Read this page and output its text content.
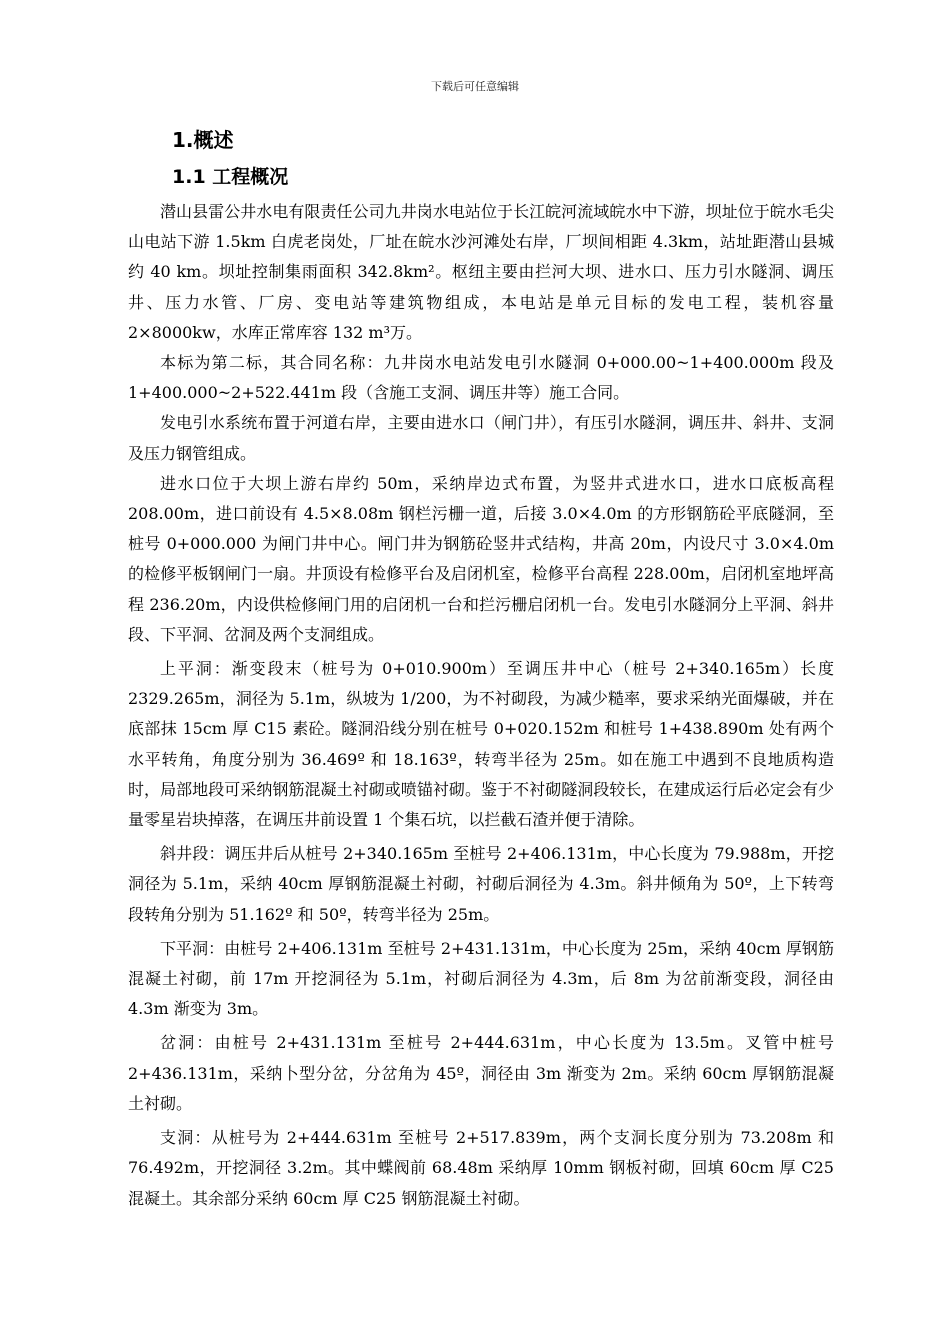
下载后可任意编辑
1.概述
1.1 工程概况

潜山县雷公井水电有限责任公司九井岗水电站位于长江皖河流域皖水中下游，坝址位于皖水毛尖山电站下游 1.5km 白虎老岗处，厂址在皖水沙河滩处右岸，厂坝间相距 4.3km，站址距潜山县城约 40 km。坝址控制集雨面积 342.8km²。枢纽主要由拦河大坝、进水口、压力引水隧洞、调压井、压力水管、厂房、变电站等建筑物组成，本电站是单元目标的发电工程，装机容量 2×8000kw，水库正常库容 132 m³万。

本标为第二标，其合同名称：九井岗水电站发电引水隧洞 0+000.00~1+400.000m 段及 1+400.000~2+522.441m 段（含施工支洞、调压井等）施工合同。

发电引水系统布置于河道右岸，主要由进水口（闸门井），有压引水隧洞，调压井、斜井、支洞及压力钢管组成。

进水口位于大坝上游右岸约 50m，采纳岸边式布置，为竖井式进水口，进水口底板高程 208.00m，进口前设有 4.5×8.08m 钢栏污栅一道，后接 3.0×4.0m 的方形钢筋砼平底隧洞，至桩号 0+000.000 为闸门井中心。闸门井为钢筋砼竖井式结构，井高 20m，内设尺寸 3.0×4.0m 的检修平板钢闸门一扇。井顶设有检修平台及启闭机室，检修平台高程 228.00m，启闭机室地坪高程 236.20m，内设供检修闸门用的启闭机一台和拦污栅启闭机一台。发电引水隧洞分上平洞、斜井段、下平洞、岔洞及两个支洞组成。

上平洞：渐变段末（桩号为 0+010.900m）至调压井中心（桩号 2+340.165m）长度 2329.265m，洞径为 5.1m，纵坡为 1/200，为不衬砌段，为减少糙率，要求采纳光面爆破，并在底部抹 15cm 厚 C15 素砼。隧洞沿线分别在桩号 0+020.152m 和桩号 1+438.890m 处有两个水平转角，角度分别为 36.469º 和 18.163º，转弯半径为 25m。如在施工中遇到不良地质构造时，局部地段可采纳钢筋混凝土衬砌或喷锚衬砌。鉴于不衬砌隧洞段较长，在建成运行后必定会有少量零星岩块掉落，在调压井前设置 1 个集石坑，以拦截石渣并便于清除。

斜井段：调压井后从桩号 2+340.165m 至桩号 2+406.131m，中心长度为 79.988m，开挖洞径为 5.1m，采纳 40cm 厚钢筋混凝土衬砌，衬砌后洞径为 4.3m。斜井倾角为 50º，上下转弯段转角分别为 51.162º 和 50º，转弯半径为 25m。

下平洞：由桩号 2+406.131m 至桩号 2+431.131m，中心长度为 25m，采纳 40cm 厚钢筋混凝土衬砌，前 17m 开挖洞径为 5.1m，衬砌后洞径为 4.3m，后 8m 为岔前渐变段，洞径由 4.3m 渐变为 3m。

岔洞：由桩号 2+431.131m 至桩号 2+444.631m，中心长度为 13.5m。叉管中桩号 2+436.131m，采纳卜型分岔，分岔角为 45º，洞径由 3m 渐变为 2m。采纳 60cm 厚钢筋混凝土衬砌。

支洞：从桩号为 2+444.631m 至桩号 2+517.839m，两个支洞长度分别为 73.208m 和 76.492m，开挖洞径 3.2m。其中蝶阀前 68.48m 采纳厚 10mm 钢板衬砌，回填 60cm 厚 C25 混凝土。其余部分采纳 60cm 厚 C25 钢筋混凝土衬砌。
